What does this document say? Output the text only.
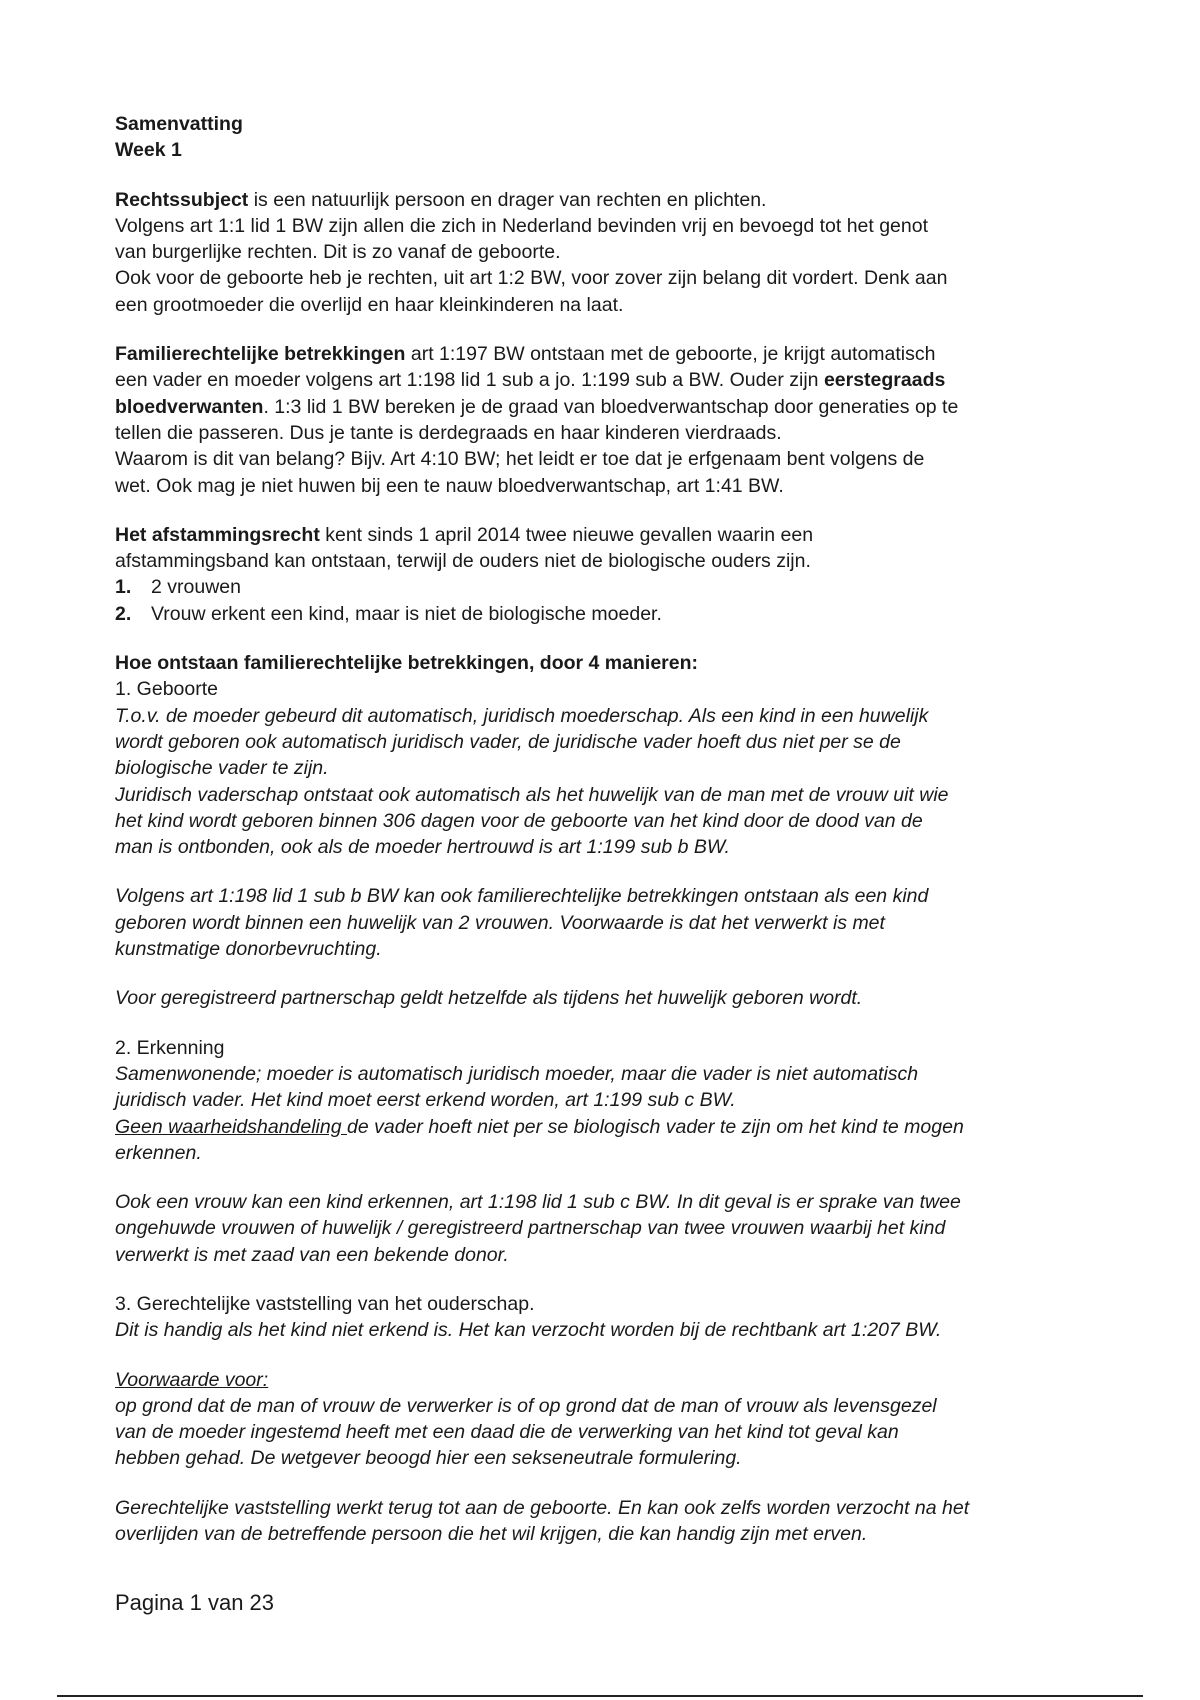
Samenvatting

Week 1

Rechtssubject is een natuurlijk persoon en drager van rechten en plichten.

Volgens art 1:1 lid 1 BW zijn allen die zich in Nederland bevinden vrij en bevoegd tot het genot

van burgerlijke rechten. Dit is zo vanaf de geboorte.

Ook voor de geboorte heb je rechten, uit art 1:2 BW, voor zover zijn belang dit vordert. Denk aan

een grootmoeder die overlijd en haar kleinkinderen na laat.

Familierechtelijke betrekkingen art 1:197 BW ontstaan met de geboorte, je krijgt automatisch

een vader en moeder volgens art 1:198 lid 1 sub a jo. 1:199 sub a BW. Ouder zijn eerstegraads

bloedverwanten. 1:3 lid 1 BW bereken je de graad van bloedverwantschap door generaties op te

tellen die passeren. Dus je tante is derdegraads en haar kinderen vierdraads.

Waarom is dit van belang? Bijv. Art 4:10 BW; het leidt er toe dat je erfgenaam bent volgens de

wet. Ook mag je niet huwen bij een te nauw bloedverwantschap, art 1:41 BW.

Het afstammingsrecht kent sinds 1 april 2014 twee nieuwe gevallen waarin een

afstammingsband kan ontstaan, terwijl de ouders niet de biologische ouders zijn.

1. 2 vrouwen

2. Vrouw erkent een kind, maar is niet de biologische moeder.

Hoe ontstaan familierechtelijke betrekkingen, door 4 manieren:

1. Geboorte

T.o.v. de moeder gebeurd dit automatisch, juridisch moederschap. Als een kind in een huwelijk

wordt geboren ook automatisch juridisch vader, de juridische vader hoeft dus niet per se de

biologische vader te zijn.

Juridisch vaderschap ontstaat ook automatisch als het huwelijk van de man met de vrouw uit wie

het kind wordt geboren binnen 306 dagen voor de geboorte van het kind door de dood van de

man is ontbonden, ook als de moeder hertrouwd is art 1:199 sub b BW.

Volgens art 1:198 lid 1 sub b BW kan ook familierechtelijke betrekkingen ontstaan als een kind

geboren wordt binnen een huwelijk van 2 vrouwen. Voorwaarde is dat het verwerkt is met

kunstmatige donorbevruchting.

Voor geregistreerd partnerschap geldt hetzelfde als tijdens het huwelijk geboren wordt.

2. Erkenning

Samenwonende; moeder is automatisch juridisch moeder, maar die vader is niet automatisch

juridisch vader. Het kind moet eerst erkend worden, art 1:199 sub c BW.

Geen waarheidshandeling de vader hoeft niet per se biologisch vader te zijn om het kind te mogen

erkennen.

Ook een vrouw kan een kind erkennen, art 1:198 lid 1 sub c BW. In dit geval is er sprake van twee

ongehuwde vrouwen of huwelijk / geregistreerd partnerschap van twee vrouwen waarbij het kind

verwerkt is met zaad van een bekende donor.

3. Gerechtelijke vaststelling van het ouderschap.

Dit is handig als het kind niet erkend is. Het kan verzocht worden bij de rechtbank art 1:207 BW.

Voorwaarde voor:

op grond dat de man of vrouw de verwerker is of op grond dat de man of vrouw als levensgezel

van de moeder ingestemd heeft met een daad die de verwerking van het kind tot geval kan

hebben gehad. De wetgever beoogd hier een sekseneutrale formulering.

Gerechtelijke vaststelling werkt terug tot aan de geboorte. En kan ook zelfs worden verzocht na het

overlijden van de betreffende persoon die het wil krijgen, die kan handig zijn met erven.

Pagina 1 van 23
